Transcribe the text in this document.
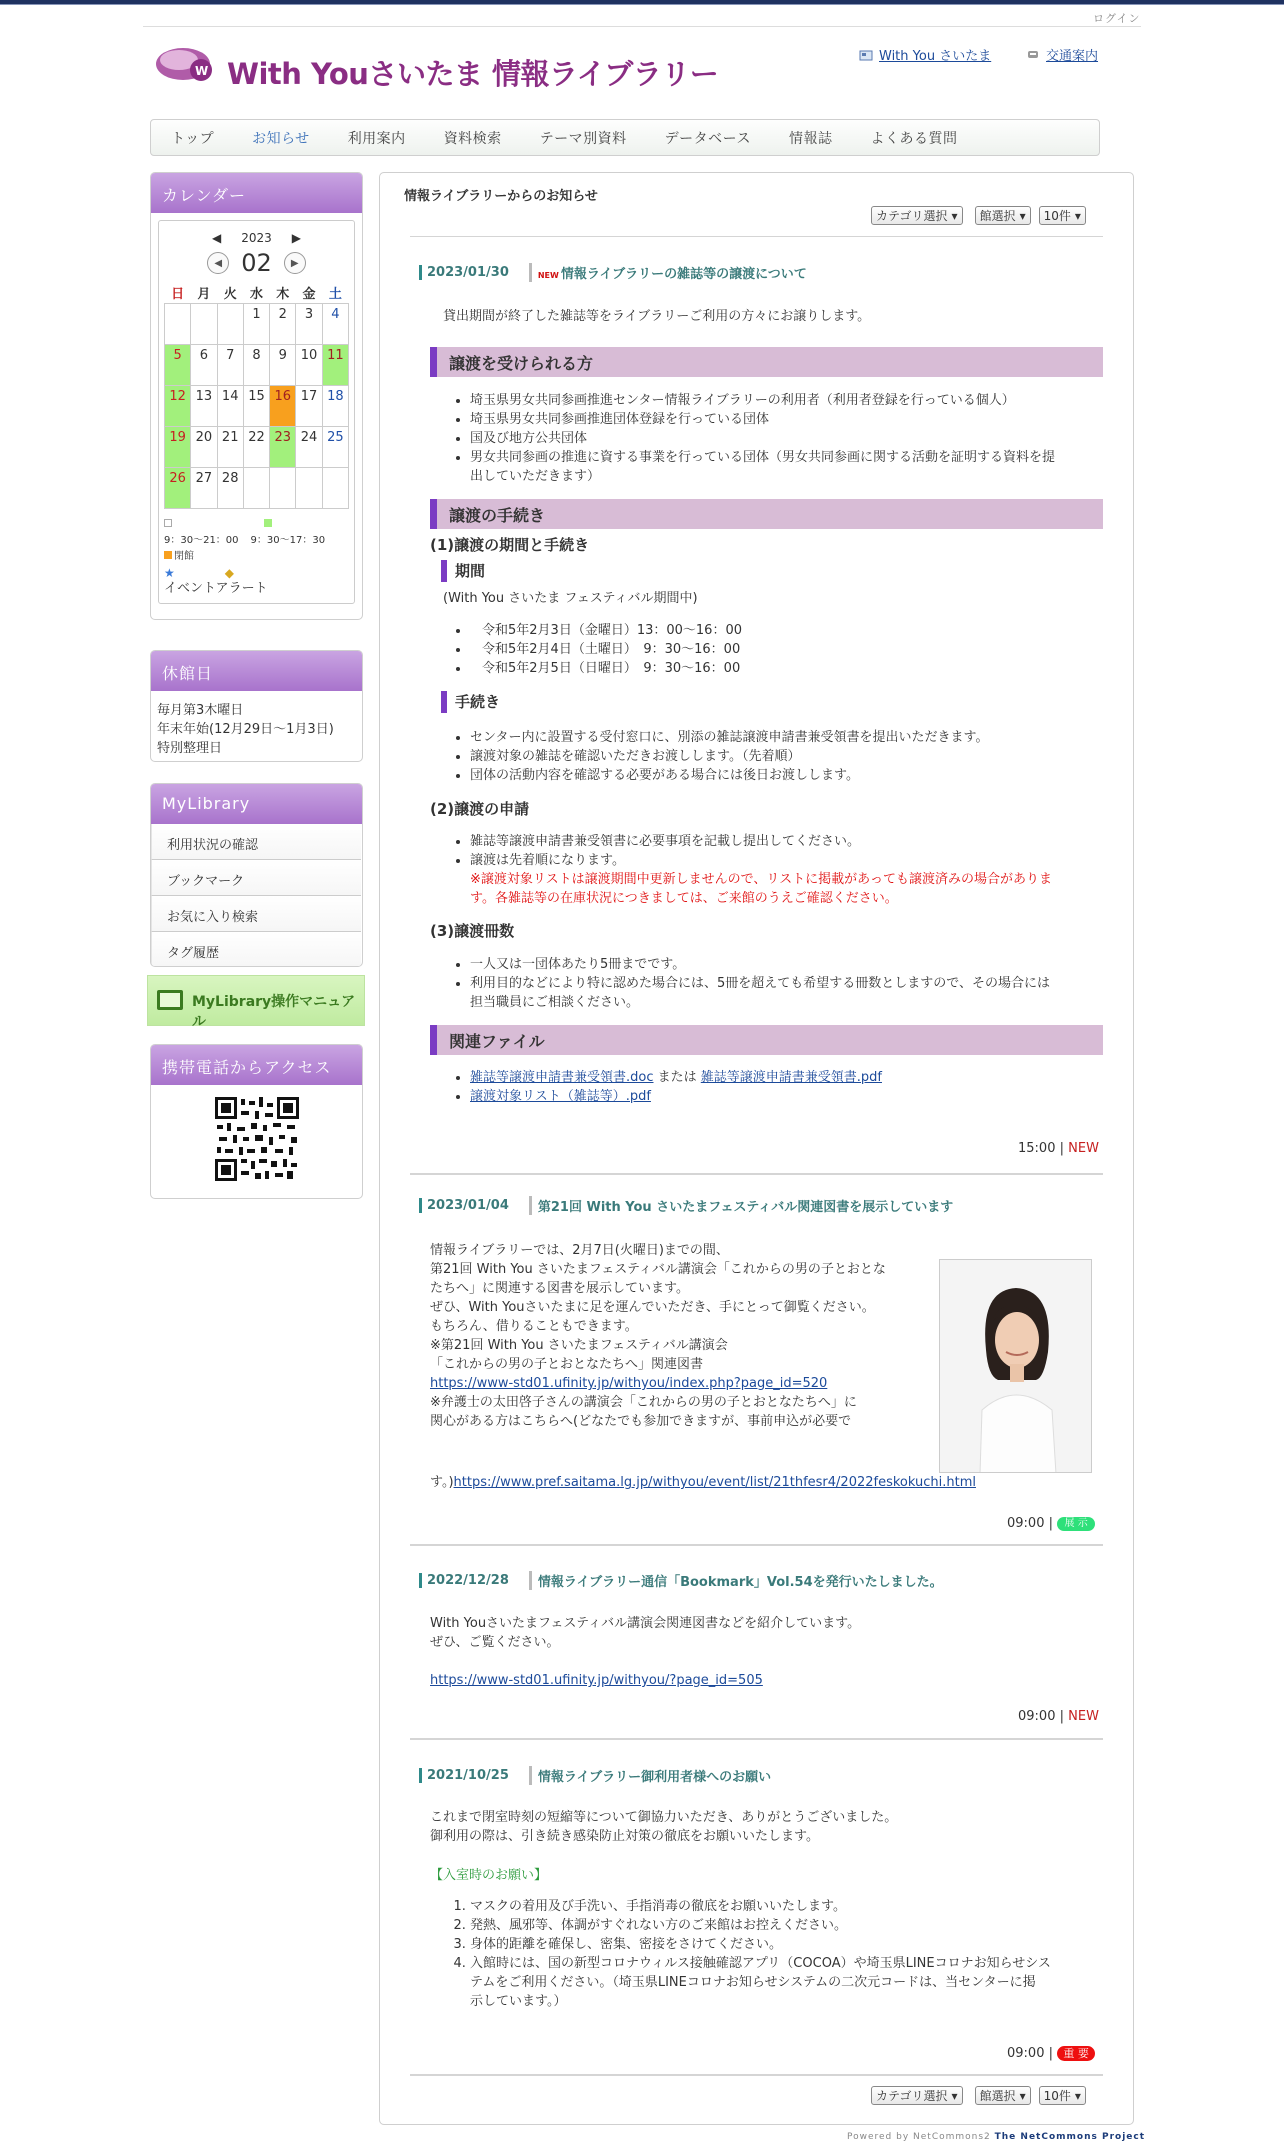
ログイン
W With Youさいたま 情報ライブラリー
With You さいたま	交通案内
トップ	お知らせ	利用案内	資料検索	テーマ別資料	データベース	情報誌	よくある質問
カレンダー
◀ 2023 ▶
◀ 02	▶
日	月	火	水	木	金	土
			1	2	3	4
5	6	7	8	9	10	11
12	13	14	15	16	17	18
19	20	21	22	23	24	25
26	27	28				
9：30～21：00 9：30～17：30
閉館
★	◆
イベントアラート
休館日
毎月第3木曜日
年末年始(12月29日～1月3日)
特別整理日
MyLibrary
利用状況の確認
ブックマーク
お気に入り検索
タグ履歴
MyLibrary操作マニュアル
携帯電話からアクセス
情報ライブラリーからのお知らせ
カテゴリ選択 ▾ 館選択 ▾ 10件 ▾
2023/01/30	NEW 情報ライブラリーの雑誌等の譲渡について
貸出期間が終了した雑誌等をライブラリーご利用の方々にお譲りします。
譲渡を受けられる方
• 埼玉県男女共同参画推進センター情報ライブラリーの利用者（利用者登録を行っている個人）
• 埼玉県男女共同参画推進団体登録を行っている団体
• 国及び地方公共団体
• 男女共同参画の推進に資する事業を行っている団体（男女共同参画に関する活動を証明する資料を提
出していただきます）
譲渡の手続き
(1)譲渡の期間と手続き
期間
(With You さいたま フェスティバル期間中)
• 令和5年2月3日（金曜日）13：00～16：00
• 令和5年2月4日（土曜日）　9：30～16：00
• 令和5年2月5日（日曜日）　9：30～16：00
手続き
• センター内に設置する受付窓口に、別添の雑誌譲渡申請書兼受領書を提出いただきます。
• 譲渡対象の雑誌を確認いただきお渡しします。（先着順）
• 団体の活動内容を確認する必要がある場合には後日お渡しします。
(2)譲渡の申請
• 雑誌等譲渡申請書兼受領書に必要事項を記載し提出してください。
• 譲渡は先着順になります。
※譲渡対象リストは譲渡期間中更新しませんので、リストに掲載があっても譲渡済みの場合がありま
す。各雑誌等の在庫状況につきましては、ご来館のうえご確認ください。
(3)譲渡冊数
• 一人又は一団体あたり5冊までです。
• 利用目的などにより特に認めた場合には、5冊を超えても希望する冊数としますので、その場合には
担当職員にご相談ください。
関連ファイル
• 雑誌等譲渡申請書兼受領書.doc または 雑誌等譲渡申請書兼受領書.pdf
• 譲渡対象リスト（雑誌等）.pdf
15:00 | NEW
2023/01/04	第21回 With You さいたまフェスティバル関連図書を展示しています
情報ライブラリーでは、2月7日(火曜日)までの間、
第21回 With You さいたまフェスティバル講演会「これからの男の子とおとな
たちへ」に関連する図書を展示しています。
ぜひ、With Youさいたまに足を運んでいただき、手にとって御覧ください。
もちろん、借りることもできます。
※第21回 With You さいたまフェスティバル講演会
「これからの男の子とおとなたちへ」関連図書
https://www-std01.ufinity.jp/withyou/index.php?page_id=520
※弁護士の太田啓子さんの講演会「これからの男の子とおとなたちへ」に
関心がある方はこちらへ(どなたでも参加できますが、事前申込が必要で
す。)https://www.pref.saitama.lg.jp/withyou/event/list/21thfesr4/2022feskokuchi.html
09:00 | 展 示
2022/12/28	情報ライブラリー通信「Bookmark」Vol.54を発行いたしました。
With Youさいたまフェスティバル講演会関連図書などを紹介しています。
ぜひ、ご覧ください。
https://www-std01.ufinity.jp/withyou/?page_id=505
09:00 | NEW
2021/10/25	情報ライブラリー御利用者様へのお願い
これまで閉室時刻の短縮等について御協力いただき、ありがとうございました。
御利用の際は、引き続き感染防止対策の徹底をお願いいたします。
【入室時のお願い】
1. マスクの着用及び手洗い、手指消毒の徹底をお願いいたします。
2. 発熱、風邪等、体調がすぐれない方のご来館はお控えください。
3. 身体的距離を確保し、密集、密接をさけてください。
4. 入館時には、国の新型コロナウィルス接触確認アプリ（COCOA）や埼玉県LINEコロナお知らせシス
テムをご利用ください。（埼玉県LINEコロナお知らせシステムの二次元コードは、当センターに掲
示しています。）
09:00 | 重 要
カテゴリ選択 ▾ 館選択 ▾ 10件 ▾
Powered by NetCommons2 The NetCommons Project
